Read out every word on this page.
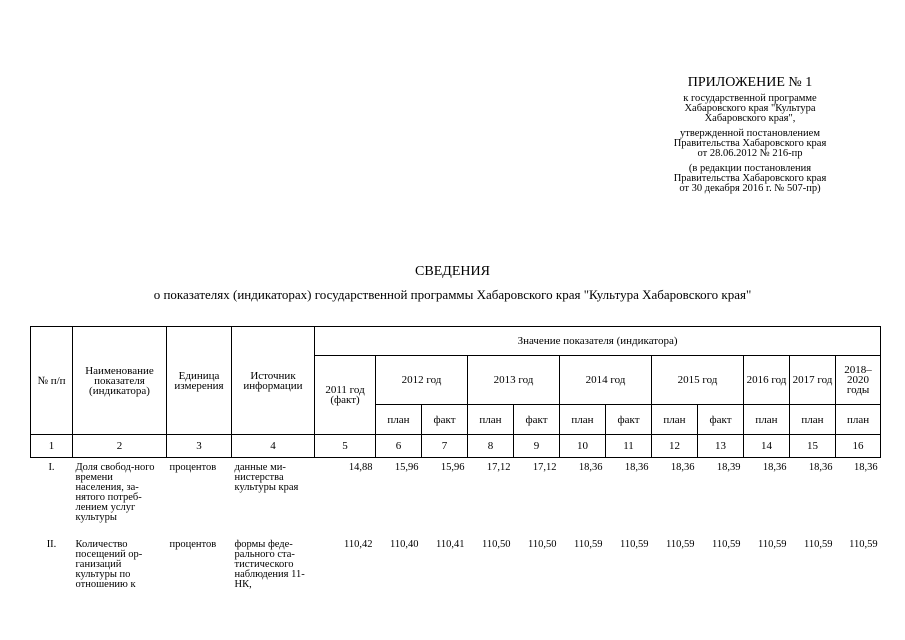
ПРИЛОЖЕНИЕ № 1
к государственной программе
Хабаровского края "Культура
Хабаровского края",
утвержденной постановлением
Правительства Хабаровского края
от 28.06.2012 № 216-пр
(в редакции постановления
Правительства Хабаровского края
от 30 декабря 2016 г. № 507-пр)
СВЕДЕНИЯ
о показателях (индикаторах) государственной программы Хабаровского края "Культура Хабаровского края"
№ п/п	Наименование показателя (индикатора)	Единица измерения	Источник информации	Значение показателя (индикатора)											
				2011 год (факт)	2012 год		2013 год		2014 год		2015 год		2016 год	2017 год	2018–2020 годы
					план	факт	план	факт	план	факт	план	факт	план	план	план
1	2	3	4	5	6	7	8	9	10	11	12	13	14	15	16
I.	Доля свобод-ного времени населения, за-нятого потреб-лением услуг культуры	процентов	данные ми-нистерства культуры края	14,88	15,96	15,96	17,12	17,12	18,36	18,36	18,36	18,39	18,36	18,36	18,36
II.	Количество посещений ор-ганизаций культуры по отношению к	процентов	формы феде-рального ста-тистического наблюдения 11-НК,	110,42	110,40	110,41	110,50	110,50	110,59	110,59	110,59	110,59	110,59	110,59	110,59
